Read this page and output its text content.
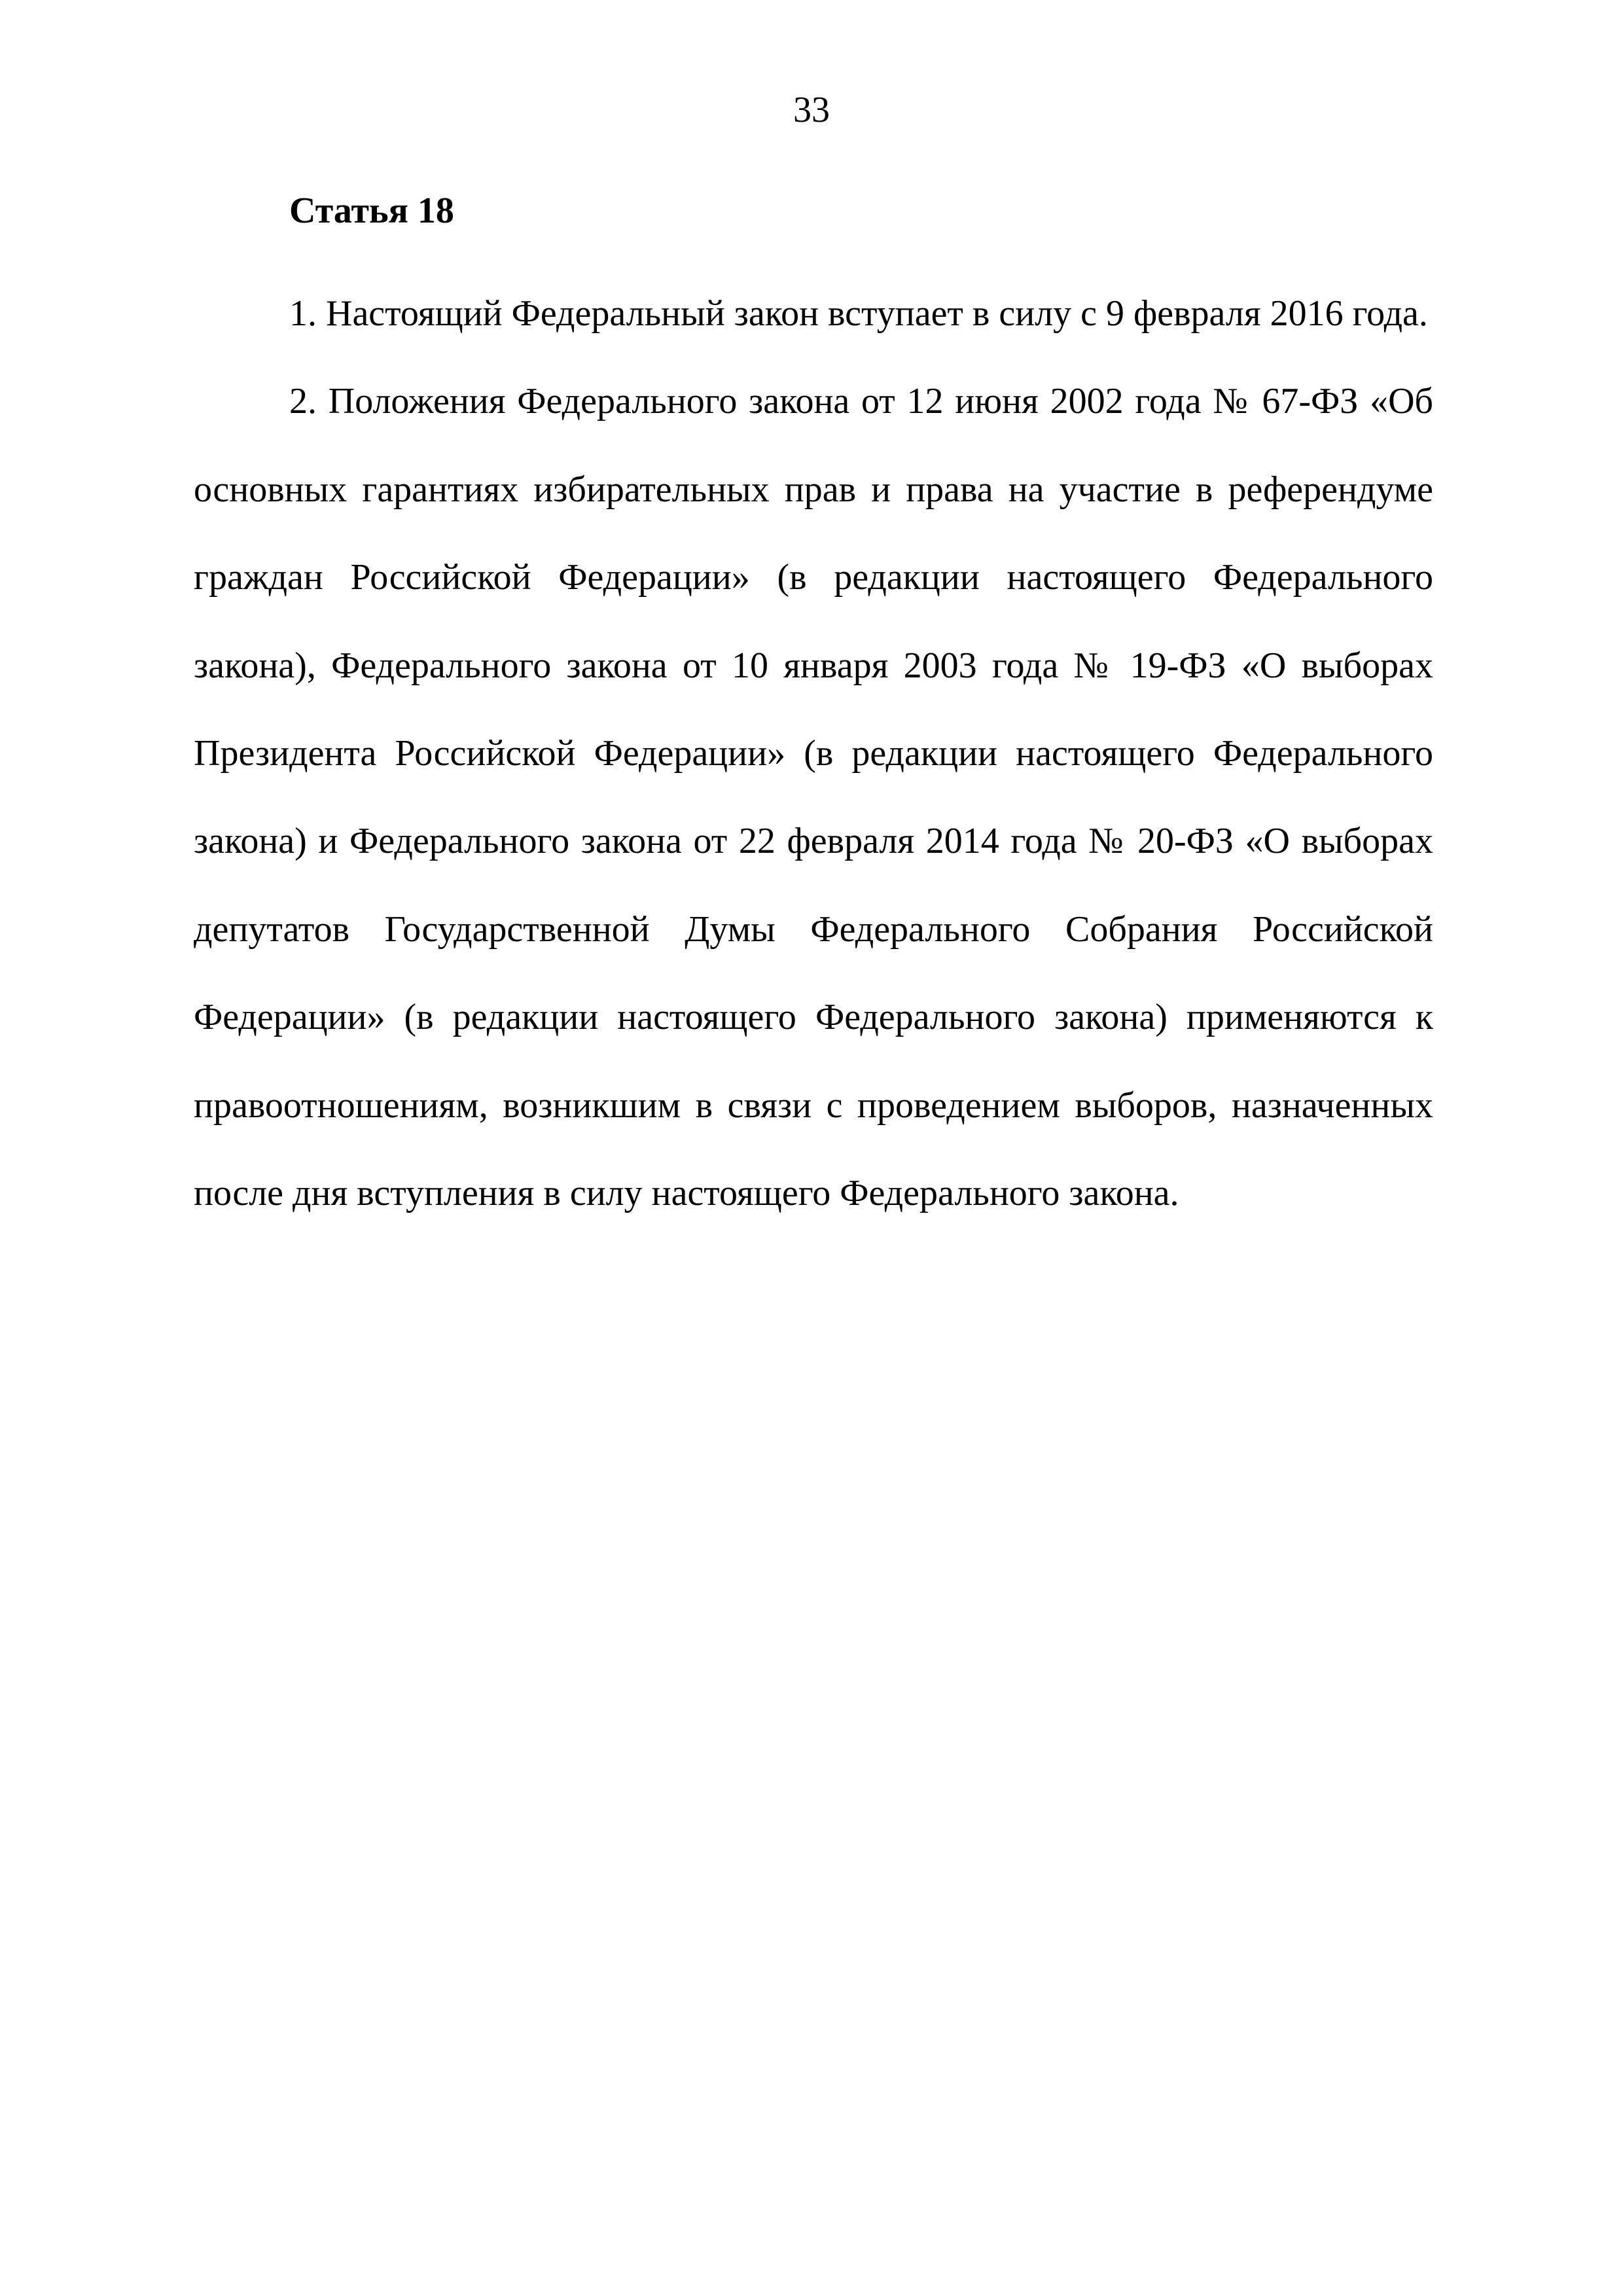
33
Статья 18

1. Настоящий Федеральный закон вступает в силу с 9 февраля 2016 года.

2. Положения Федерального закона от 12 июня 2002 года № 67-ФЗ «Об основных гарантиях избирательных прав и права на участие в референдуме граждан Российской Федерации» (в редакции настоящего Федерального закона), Федерального закона от 10 января 2003 года № 19-ФЗ «О выборах Президента Российской Федерации» (в редакции настоящего Федерального закона) и Федерального закона от 22 февраля 2014 года № 20-ФЗ «О выборах депутатов Государственной Думы Федерального Собрания Российской Федерации» (в редакции настоящего Федерального закона) применяются к правоотношениям, возникшим в связи с проведением выборов, назначенных после дня вступления в силу настоящего Федерального закона.
